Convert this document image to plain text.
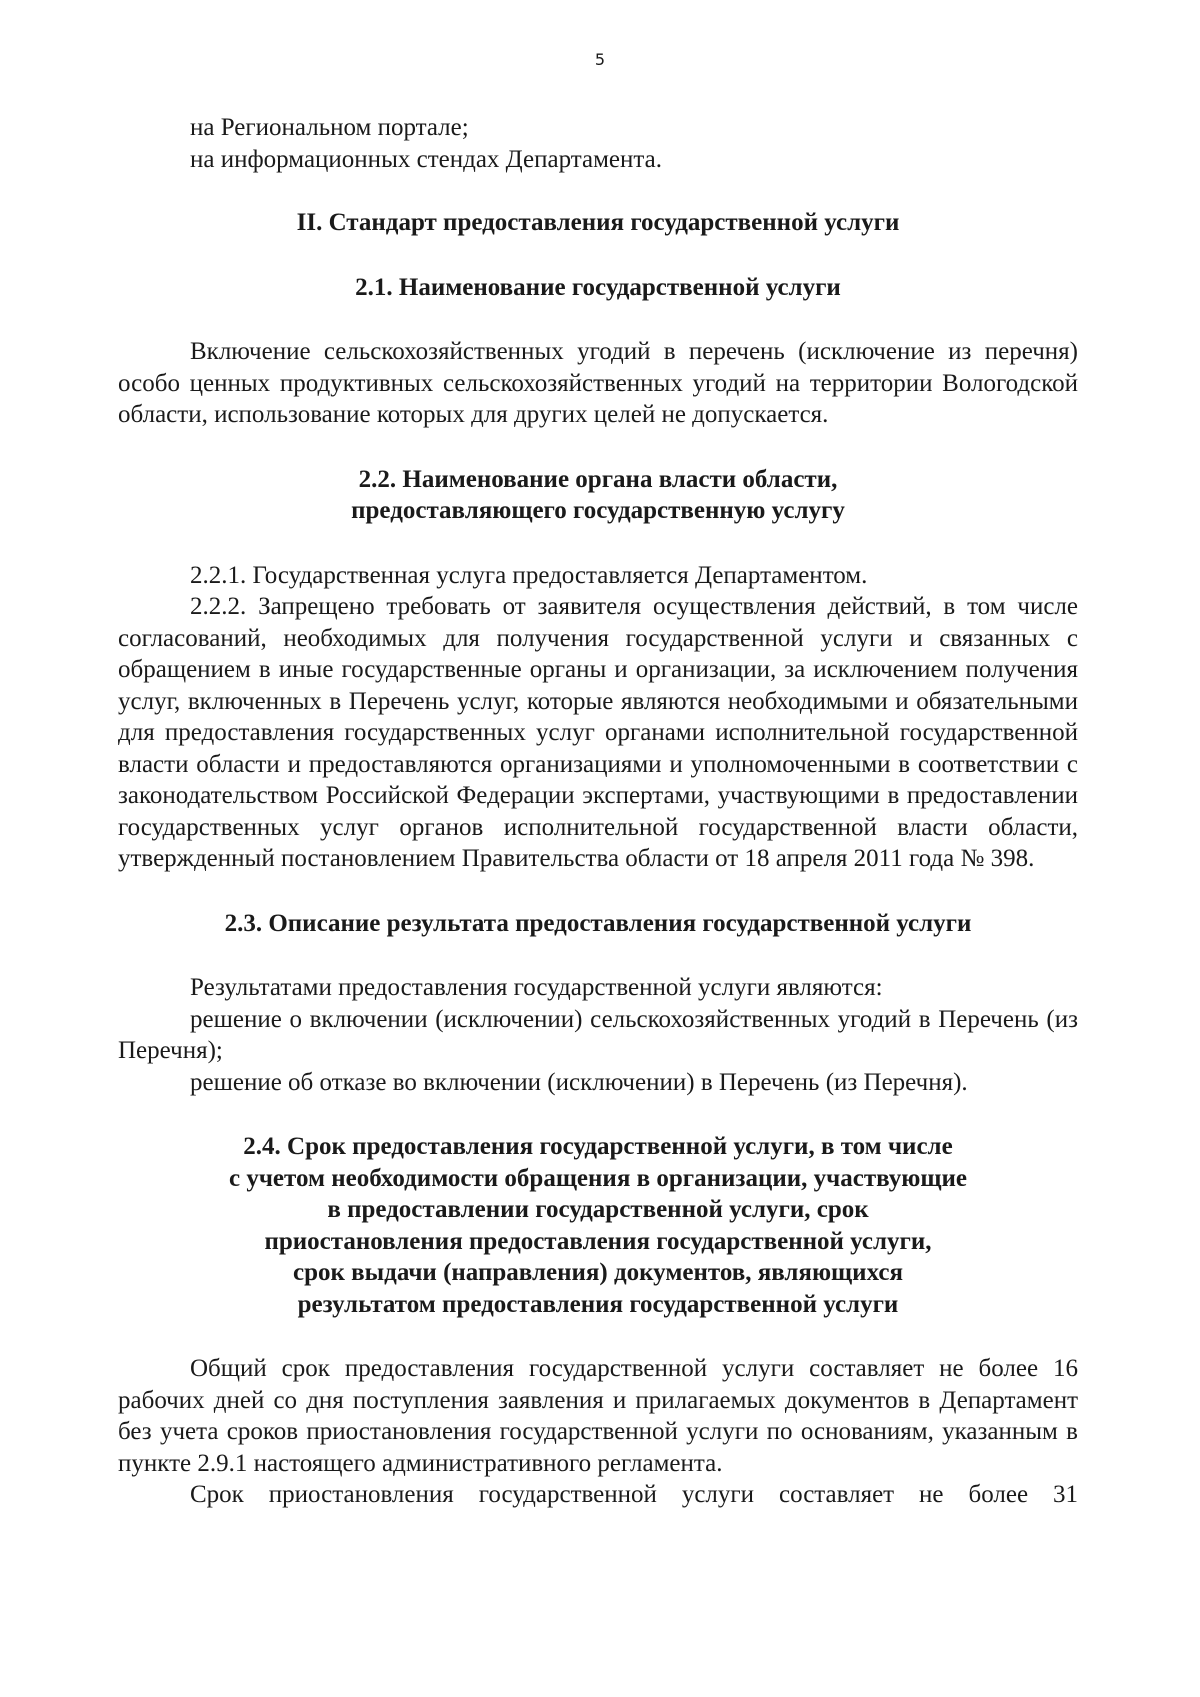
5

на Региональном портале;

на информационных стендах Департамента.

II. Стандарт предоставления государственной услуги
2.1. Наименование государственной услуги

Включение сельскохозяйственных угодий в перечень (исключение из перечня) особо ценных продуктивных сельскохозяйственных угодий на территории Вологодской области, использование которых для других целей не допускается.

2.2. Наименование органа власти области,
предоставляющего государственную услугу

2.2.1. Государственная услуга предоставляется Департаментом.

2.2.2. Запрещено требовать от заявителя осуществления действий, в том числе согласований, необходимых для получения государственной услуги и связанных с обращением в иные государственные органы и организации, за исключением получения услуг, включенных в Перечень услуг, которые являются необходимыми и обязательными для предоставления государственных услуг органами исполнительной государственной власти области и предоставляются организациями и уполномоченными в соответствии с законодательством Российской Федерации экспертами, участвующими в предоставлении государственных услуг органов исполнительной государственной власти области, утвержденный постановлением Правительства области от 18 апреля 2011 года № 398.

2.3. Описание результата предоставления государственной услуги

Результатами предоставления государственной услуги являются:

решение о включении (исключении) сельскохозяйственных угодий в Перечень (из Перечня);

решение об отказе во включении (исключении) в Перечень (из Перечня).

2.4. Срок предоставления государственной услуги, в том числе
с учетом необходимости обращения в организации, участвующие
в предоставлении государственной услуги, срок
приостановления предоставления государственной услуги,
срок выдачи (направления) документов, являющихся
результатом предоставления государственной услуги

Общий срок предоставления государственной услуги составляет не более 16 рабочих дней со дня поступления заявления и прилагаемых документов в Департамент без учета сроков приостановления государственной услуги по основаниям, указанным в пункте 2.9.1 настоящего административного регламента.

Срок приостановления государственной услуги составляет не более 31
